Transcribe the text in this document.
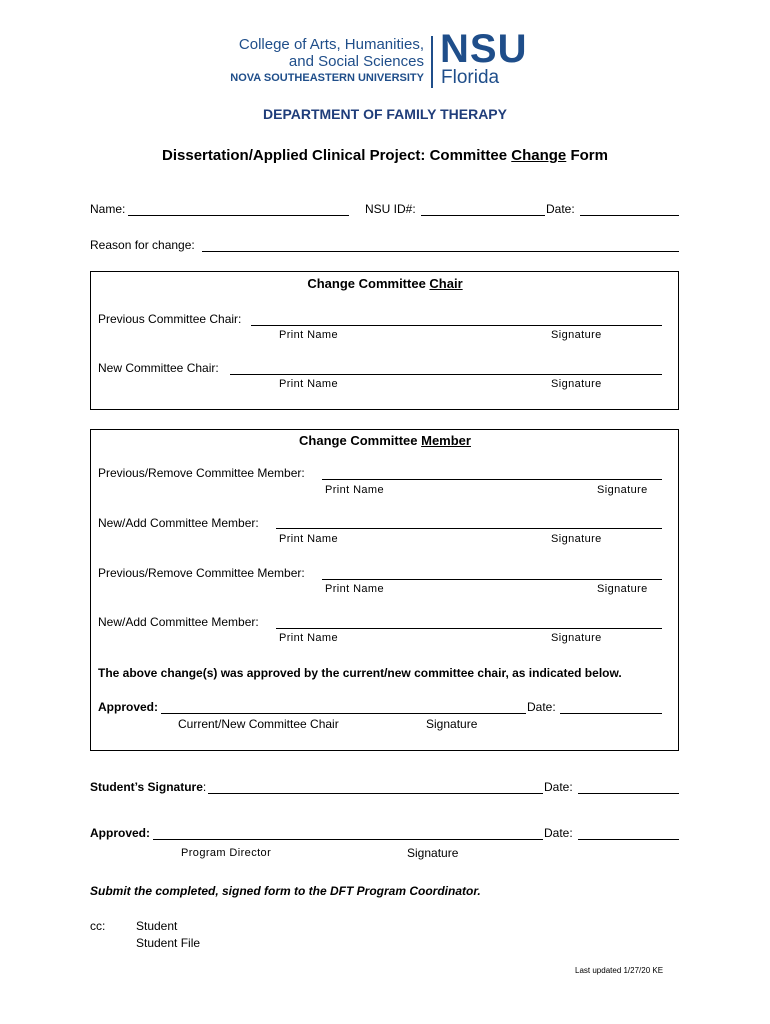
College of Arts, Humanities,
and Social Sciences
NOVA SOUTHEASTERN UNIVERSITY
NSU
Florida
DEPARTMENT OF FAMILY THERAPY
Dissertation/Applied Clinical Project: Committee Change Form
Name:	NSU ID#:	Date:
Reason for change:
Change Committee Chair
Previous Committee Chair:
Print Name	Signature
New Committee Chair:
Print Name	Signature
Change Committee Member
Previous/Remove Committee Member:
Print Name	Signature
New/Add Committee Member:
Print Name	Signature
Previous/Remove Committee Member:
Print Name	Signature
New/Add Committee Member:
Print Name	Signature
The above change(s) was approved by the current/new committee chair, as indicated below.
Approved:	Date:
Current/New Committee Chair	Signature
Student’s Signature:	Date:
Approved:	Date:
Program Director	Signature
Submit the completed, signed form to the DFT Program Coordinator.
cc:	Student
Student File
Last updated 1/27/20 KE
